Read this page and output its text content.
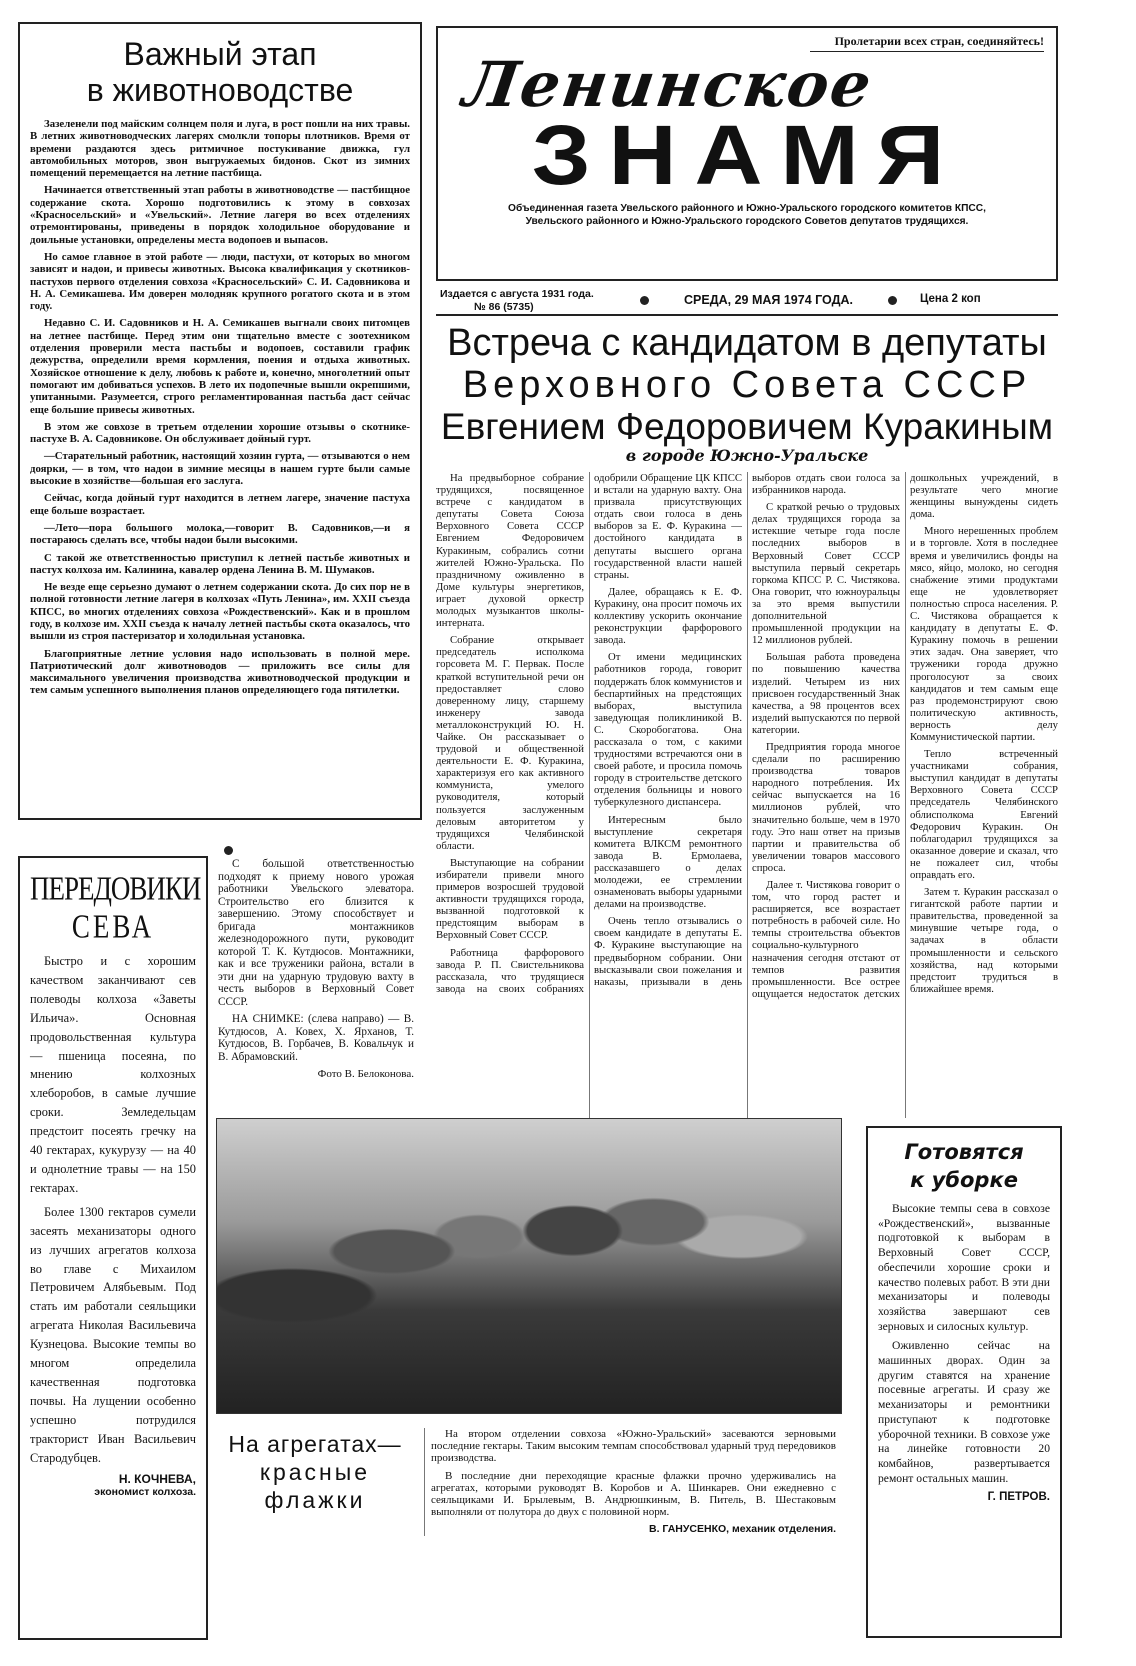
Важный этап
в животноводстве

Зазеленели под майским солнцем поля и луга, в рост пошли на них травы. В летних животноводческих лагерях смолкли топоры плотников. Время от времени раздаются здесь ритмичное постукивание движка, гул автомобильных моторов, звон выгружаемых бидонов. Скот из зимних помещений перемещается на летние пастбища.

Начинается ответственный этап работы в животноводстве — пастбищное содержание скота. Хорошо подготовились к этому в совхозах «Красносельский» и «Увельский». Летние лагеря во всех отделениях отремонтированы, приведены в порядок холодильное оборудование и доильные установки, определены места водопоев и выпасов.

Но самое главное в этой работе — люди, пастухи, от которых во многом зависят и надои, и привесы животных. Высока квалификация у скотников-пастухов первого отделения совхоза «Красносельский» С. И. Садовникова и Н. А. Семикашева. Им доверен молодняк крупного рогатого скота и в этом году.

Недавно С. И. Садовников и Н. А. Семикашев выгнали своих питомцев на летнее пастбище. Перед этим они тщательно вместе с зоотехником отделения проверили места пастьбы и водопоев, составили график дежурства, определили время кормления, поения и отдыха животных. Хозяйское отношение к делу, любовь к работе и, конечно, многолетний опыт помогают им добиваться успехов. В лето их подопечные вышли окрепшими, упитанными. Разумеется, строго регламентированная пастьба даст сейчас еще большие привесы животных.

В этом же совхозе в третьем отделении хорошие отзывы о скотнике-пастухе В. А. Садовникове. Он обслуживает дойный гурт.

—Старательный работник, настоящий хозяин гурта, — отзываются о нем доярки, — в том, что надои в зимние месяцы в нашем гурте были самые высокие в хозяйстве—большая его заслуга.

Сейчас, когда дойный гурт находится в летнем лагере, значение пастуха еще больше возрастает.

—Лето—пора большого молока,—говорит В. Садовников,—и я постараюсь сделать все, чтобы надои были высокими.

С такой же ответственностью приступил к летней пастьбе животных и пастух колхоза им. Калинина, кавалер ордена Ленина В. М. Шумаков.

Не везде еще серьезно думают о летнем содержании скота. До сих пор не в полной готовности летние лагеря в колхозах «Путь Ленина», им. XXII съезда КПСС, во многих отделениях совхоза «Рождественский». Как и в прошлом году, в колхозе им. XXII съезда к началу летней пастьбы скота оказалось, что вышли из строя пастеризатор и холодильная установка.

Благоприятные летние условия надо использовать в полной мере. Патриотический долг животноводов — приложить все силы для максимального увеличения производства животноводческой продукции и тем самым успешного выполнения планов определяющего года пятилетки.

Пролетарии всех стран, соединяйтесь!
Ленинское
ЗНАМЯ
Объединенная газета Увельского районного и Южно-Уральского городского комитетов КПСС,
Увельского районного и Южно-Уральского городского Советов депутатов трудящихся.
Издается с августа 1931 года.
№ 86 (5735)	СРЕДА, 29 МАЯ 1974 ГОДА.	Цена 2 коп
Встреча с кандидатом в депутаты
Верховного Совета СССР
Евгением Федоровичем Куракиным
в городе Южно-Уральске

На предвыборное собрание трудящихся, посвященное встрече с кандидатом в депутаты Совета Союза Верховного Совета СССР Евгением Федоровичем Куракиным, собрались сотни жителей Южно-Уральска. По праздничному оживленно в Доме культуры энергетиков, играет духовой оркестр молодых музыкантов школы-интерната.

Собрание открывает председатель исполкома горсовета М. Г. Первак. После краткой вступительной речи он предоставляет слово доверенному лицу, старшему инженеру завода металлоконструкций Ю. Н. Чайке. Он рассказывает о трудовой и общественной деятельности Е. Ф. Куракина, характеризуя его как активного коммуниста, умелого руководителя, который пользуется заслуженным деловым авторитетом у трудящихся Челябинской области.

Выступающие на собрании избиратели привели много примеров возросшей трудовой активности трудящихся города, вызванной подготовкой к предстоящим выборам в Верховный Совет СССР.

Работница фарфорового завода Р. П. Свистельникова рассказала, что трудящиеся завода на своих собраниях одобрили Обращение ЦК КПСС и встали на ударную вахту. Она призвала присутствующих отдать свои голоса в день выборов за Е. Ф. Куракина — достойного кандидата в депутаты высшего органа государственной власти нашей страны.

Далее, обращаясь к Е. Ф. Куракину, она просит помочь их коллективу ускорить окончание реконструкции фарфорового завода.

От имени медицинских работников города, говорит поддержать блок коммунистов и беспартийных на предстоящих выборах, выступила заведующая поликлиникой В. С. Скоробогатова. Она рассказала о том, с какими трудностями встречаются они в своей работе, и просила помочь городу в строительстве детского отделения больницы и нового туберкулезного диспансера.

Интересным было выступление секретаря комитета ВЛКСМ ремонтного завода В. Ермолаева, рассказавшего о делах молодежи, ее стремлении ознаменовать выборы ударными делами на производстве.

Очень тепло отзывались о своем кандидате в депутаты Е. Ф. Куракине выступающие на предвыборном собрании. Они высказывали свои пожелания и наказы, призывали в день выборов отдать свои голоса за избранников народа.

С краткой речью о трудовых делах трудящихся города за истекшие четыре года после последних выборов в Верховный Совет СССР выступила первый секретарь горкома КПСС Р. С. Чистякова. Она говорит, что южноуральцы за это время выпустили дополнительной промышленной продукции на 12 миллионов рублей.

Большая работа проведена по повышению качества изделий. Четырем из них присвоен государственный Знак качества, а 98 процентов всех изделий выпускаются по первой категории.

Предприятия города многое сделали по расширению производства товаров народного потребления. Их сейчас выпускается на 16 миллионов рублей, что значительно больше, чем в 1970 году. Это наш ответ на призыв партии и правительства об увеличении товаров массового спроса.

Далее т. Чистякова говорит о том, что город растет и расширяется, все возрастает потребность в рабочей силе. Но темпы строительства объектов социально-культурного назначения сегодня отстают от темпов развития промышленности. Все острее ощущается недостаток детских дошкольных учреждений, в результате чего многие женщины вынуждены сидеть дома.

Много нерешенных проблем и в торговле. Хотя в последнее время и увеличились фонды на мясо, яйцо, молоко, но сегодня снабжение этими продуктами еще не удовлетворяет полностью спроса населения. Р. С. Чистякова обращается к кандидату в депутаты Е. Ф. Куракину помочь в решении этих задач. Она заверяет, что труженики города дружно проголосуют за своих кандидатов и тем самым еще раз продемонстрируют свою политическую активность, верность делу Коммунистической партии.

Тепло встреченный участниками собрания, выступил кандидат в депутаты Верховного Совета СССР председатель Челябинского облисполкома Евгений Федорович Куракин. Он поблагодарил трудящихся за оказанное доверие и сказал, что не пожалеет сил, чтобы оправдать его.

Затем т. Куракин рассказал о гигантской работе партии и правительства, проведенной за минувшие четыре года, о задачах в области промышленности и сельского хозяйства, над которыми предстоит трудиться в ближайшее время.

ПЕРЕДОВИКИ
СЕВА

Быстро и с хорошим качеством заканчивают сев полеводы колхоза «Заветы Ильича». Основная продовольственная культура — пшеница посеяна, по мнению колхозных хлеборобов, в самые лучшие сроки. Земледельцам предстоит посеять гречку на 40 гектарах, кукурузу — на 40 и однолетние травы — на 150 гектарах.

Более 1300 гектаров сумели засеять механизаторы одного из лучших агрегатов колхоза во главе с Михаилом Петровичем Алябьевым. Под стать им работали сеяльщики агрегата Николая Васильевича Кузнецова. Высокие темпы во многом определила качественная подготовка почвы. На лущении особенно успешно потрудился тракторист Иван Васильевич Стародубцев.

Н. КОЧНЕВА,
экономист колхоза.

С большой ответственностью подходят к приему нового урожая работники Увельского элеватора. Строительство его близится к завершению. Этому способствует и бригада монтажников железнодорожного пути, руководит которой Т. К. Кутдюсов. Монтажники, как и все труженики района, встали в эти дни на ударную трудовую вахту в честь выборов в Верховный Совет СССР.

НА СНИМКЕ: (слева направо) — В. Кутдюсов, А. Ковех, Х. Ярханов, Т. Кутдюсов, В. Горбачев, В. Ковальчук и В. Абрамовский.

Фото В. Белоконова.
На агрегатах—
красные
флажки

На втором отделении совхоза «Южно-Уральский» засеваются зерновыми последние гектары. Таким высоким темпам способствовал ударный труд передовиков производства.

В последние дни переходящие красные флажки прочно удерживались на агрегатах, которыми руководят В. Коробов и А. Шинкарев. Они ежедневно с сеяльщиками И. Брылевым, В. Андрюшкиным, В. Питель, В. Шестаковым выполняли от полутора до двух с половиной норм.

В. ГАНУСЕНКО, механик отделения.
Готовятся
к уборке

Высокие темпы сева в совхозе «Рождественский», вызванные подготовкой к выборам в Верховный Совет СССР, обеспечили хорошие сроки и качество полевых работ. В эти дни механизаторы и полеводы хозяйства завершают сев зерновых и силосных культур.

Оживленно сейчас на машинных дворах. Один за другим ставятся на хранение посевные агрегаты. И сразу же механизаторы и ремонтники приступают к подготовке уборочной техники. В совхозе уже на линейке готовности 20 комбайнов, развертывается ремонт остальных машин.

Г. ПЕТРОВ.
